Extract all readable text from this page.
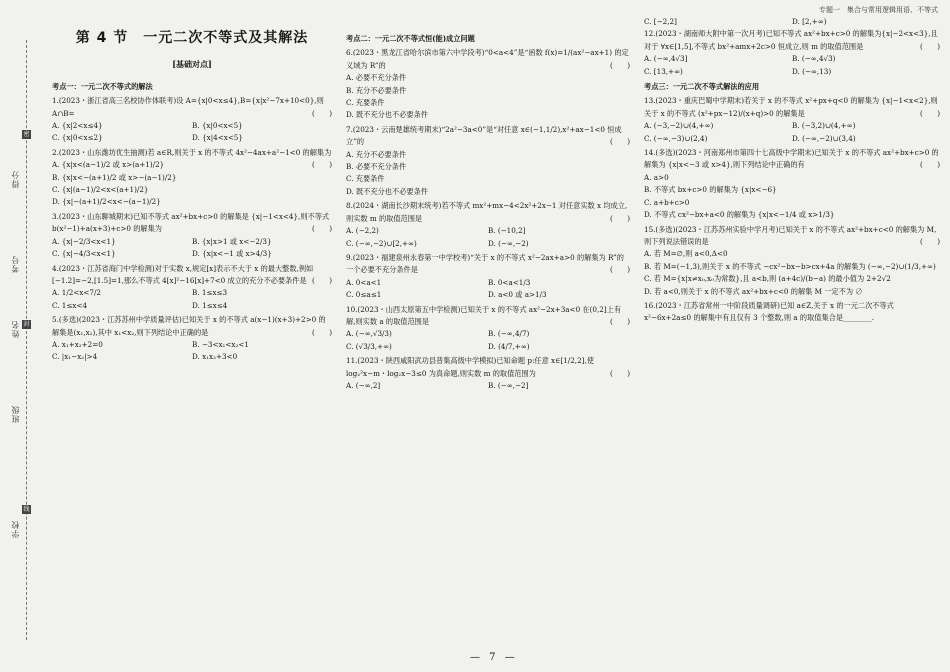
学校
班级
姓名
考号
得分
密
封
线
专题一　集合与常用逻辑用语、不等式
第 4 节　一元二次不等式及其解法
[基础对点]
考点一：一元二次不等式的解法

1.(2023・浙江省高三名校协作体联考)设 A={x|0<x≤4},B={x|x²−7x+10<0},则 A∩B=	(　　)

A. {x|2<x≤4}	B. {x|0<x<5}
C. {x|0<x≤2}	D. {x|4<x<5}

2.(2023・山东潍坊优生抽测)若 a∈R,则关于 x 的不等式 4x²−4ax+a²−1<0 的解集为
(　　)

A. {x|x<(a−1)/2 或 x>(a+1)/2}
B. {x|x<−(a+1)/2 或 x>−(a−1)/2}
C. {x|(a−1)/2<x<(a+1)/2}
D. {x|−(a+1)/2<x<−(a−1)/2}

3.(2023・山东聊城期末)已知不等式 ax²+bx+c>0 的解集是 {x|−1<x<4},则不等式 b(x²−1)+a(x+3)+c>0 的解集为	(　　)

A. {x|−2/3<x<1}	B. {x|x>1 或 x<−2/3}
C. {x|−4/3<x<1}	D. {x|x<−1 或 x>4/3}

4.(2023・江苏省海门中学检测)对于实数 x,规定[x]表示不大于 x 的最大整数,例如[−1.2]=−2,[1.5]=1,那么不等式 4[x]²−16[x]+7<0 成立的充分不必要条件是 (　　)

A. 1/2<x<7/2	B. 1≤x≤3
C. 1≤x<4	D. 1≤x≤4

5.(多选)(2023・江苏苏州中学质量评估)已知关于 x 的不等式 a(x−1)(x+3)+2>0 的解集是(x₁,x₂),其中 x₁<x₂,则下列结论中正确的是	(　　)

A. x₁+x₂+2=0	B. −3<x₁<x₂<1
C. |x₁−x₂|>4	D. x₁x₂+3<0
考点二：一元二次不等式恒(能)成立问题

6.(2023・黑龙江省哈尔滨市第六中学段考)“0<a<4”是“函数 f(x)=1/(ax²−ax+1) 的定义域为 R”的	(　　)

A. 必要不充分条件
B. 充分不必要条件
C. 充要条件
D. 既不充分也不必要条件

7.(2023・云南楚雄统考期末)“2a²−3a<0”是“对任意 x∈(−1,1/2),x²+ax−1<0 恒成立”的	(　　)

A. 充分不必要条件
B. 必要不充分条件
C. 充要条件
D. 既不充分也不必要条件

8.(2024・湖南长沙期末统考)若不等式 mx²+mx−4<2x²+2x−1 对任意实数 x 均成立,则实数 m 的取值范围是	(　　)

A. (−2,2)	B. (−10,2]
C. (−∞,−2)∪[2,+∞)	D. (−∞,−2)

9.(2023・福建泉州永春第一中学校考)“关于 x 的不等式 x²−2ax+a>0 的解集为 R”的一个必要不充分条件是	(　　)

A. 0<a<1	B. 0<a<1/3
C. 0≤a≤1	D. a<0 或 a>1/3

10.(2023・山西太原第五中学检测)已知关于 x 的不等式 ax²−2x+3a<0 在(0,2]上有解,则实数 a 的取值范围是	(　　)

A. (−∞,√3/3)	B. (−∞,4/7)
C. (√3/3,+∞)	D. (4/7,+∞)

11.(2023・陕西咸阳武功县普集高级中学模拟)已知命题 p:任意 x∈[1/2,2],使 log₂²x−m・log₂x−3≤0 为真命题,则实数 m 的取值范围为	(　　)

A. (−∞,2]	B. (−∞,−2]
C. [−2,2]	D. [2,+∞)

12.(2023・湖南师大附中第一次月考)已知不等式 ax²+bx+c>0 的解集为{x|−2<x<3},且对于 ∀x∈[1,5],不等式 bx²+amx+2c>0 恒成立,则 m 的取值范围是	(　　)

A. (−∞,4√3]	B. (−∞,4√3)
C. [13,+∞)	D. (−∞,13)
考点三：一元二次不等式解法的应用

13.(2023・重庆巴蜀中学期末)若关于 x 的不等式 x²+px+q<0 的解集为 {x|−1<x<2},则关于 x 的不等式 (x²+px−12)/(x+q)>0 的解集是	(　　)

A. (−3,−2)∪(4,+∞)	B. (−3,2)∪(4,+∞)
C. (−∞,−3)∪(2,4)	D. (−∞,−2)∪(3,4)

14.(多选)(2023・河南郑州市第四十七高级中学期末)已知关于 x 的不等式 ax²+bx+c>0 的解集为 {x|x<−3 或 x>4},则下列结论中正确的有	(　　)

A. a>0
B. 不等式 bx+c>0 的解集为 {x|x<−6}
C. a+b+c>0
D. 不等式 cx²−bx+a<0 的解集为 {x|x<−1/4 或 x>1/3}

15.(多选)(2023・江苏苏州实验中学月考)已知关于 x 的不等式 ax²+bx+c<0 的解集为 M,则下列说法错误的是	(　　)

A. 若 M=∅,则 a<0,Δ<0
B. 若 M=(−1,3),则关于 x 的不等式 −cx²−bx−b>cx+4a 的解集为 (−∞,−2)∪(1/3,+∞)
C. 若 M={x|x≠x₀,x₀为常数},且 a<b,则 (a+4c)/(b−a) 的最小值为 2+2√2
D. 若 a<0,则关于 x 的不等式 ax²+bx+c<0 的解集 M 一定不为 ∅

16.(2023・江苏省常州一中阶段质量调研)已知 a∈Z,关于 x 的一元二次不等式 x²−6x+2a≤0 的解集中有且仅有 3 个整数,则 a 的取值集合是________.

— 7 —
